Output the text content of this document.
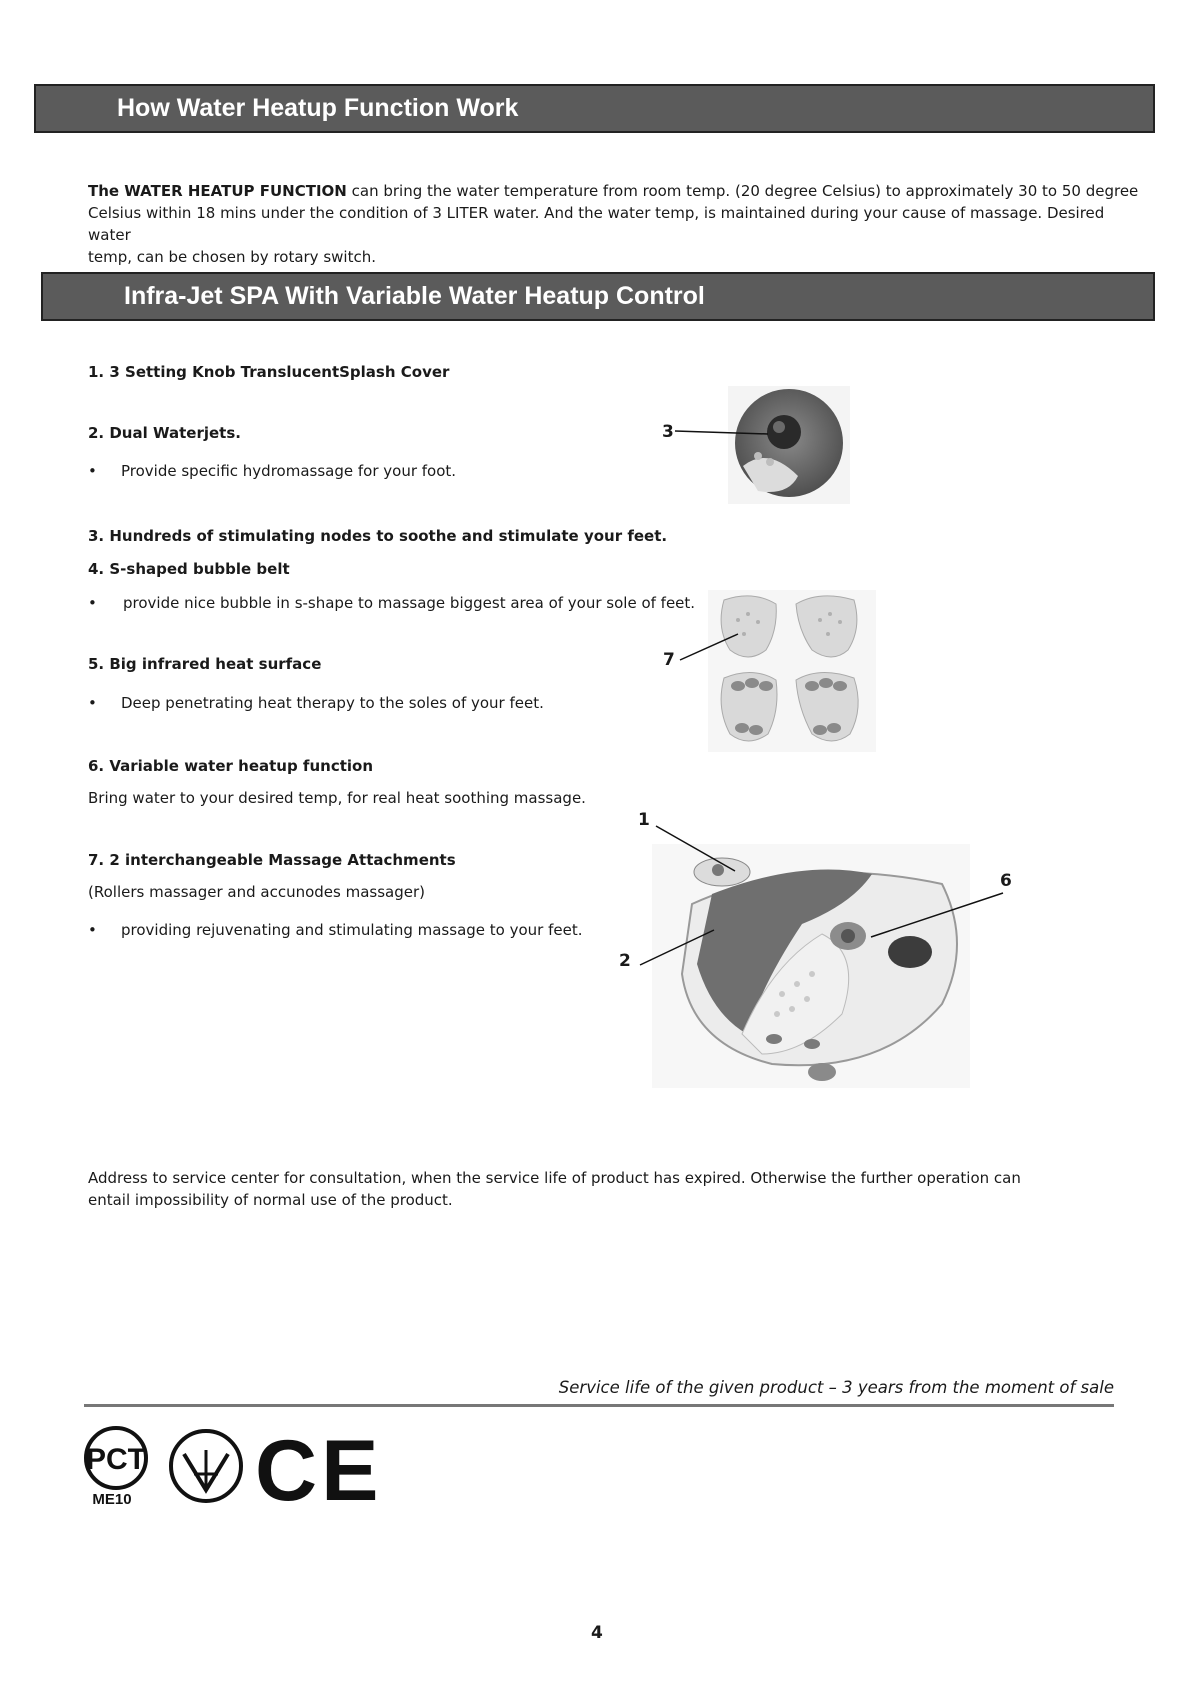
How Water Heatup Function Work
The WATER HEATUP FUNCTION can bring the water temperature from room temp. (20 degree Celsius) to approximately 30 to 50 degree
Celsius within 18 mins under the condition of 3 LITER water. And the water temp, is maintained during your cause of massage. Desired water
temp, can be chosen by rotary switch.
Infra-Jet SPA With Variable Water Heatup Control
1. 3 Setting Knob TranslucentSplash Cover
2. Dual Waterjets.
• Provide specific hydromassage for your foot.
3. Hundreds of stimulating nodes to soothe and stimulate your feet.
4. S-shaped bubble belt
• provide nice bubble in s-shape to massage biggest area of your sole of feet.
5. Big infrared heat surface
• Deep penetrating heat therapy to the soles of your feet.
6. Variable water heatup function
Bring water to your desired temp, for real heat soothing massage.
7. 2 interchangeable Massage Attachments
(Rollers massager and accunodes massager)
• providing rejuvenating and stimulating massage to your feet.
3
7
1
6
2
Address to service center for consultation, when the service life of product has expired. Otherwise the further operation can
entail impossibility of normal use of the product.
Service life of the given product – 3 years from the moment of sale
PCT
ME10 CE
4
